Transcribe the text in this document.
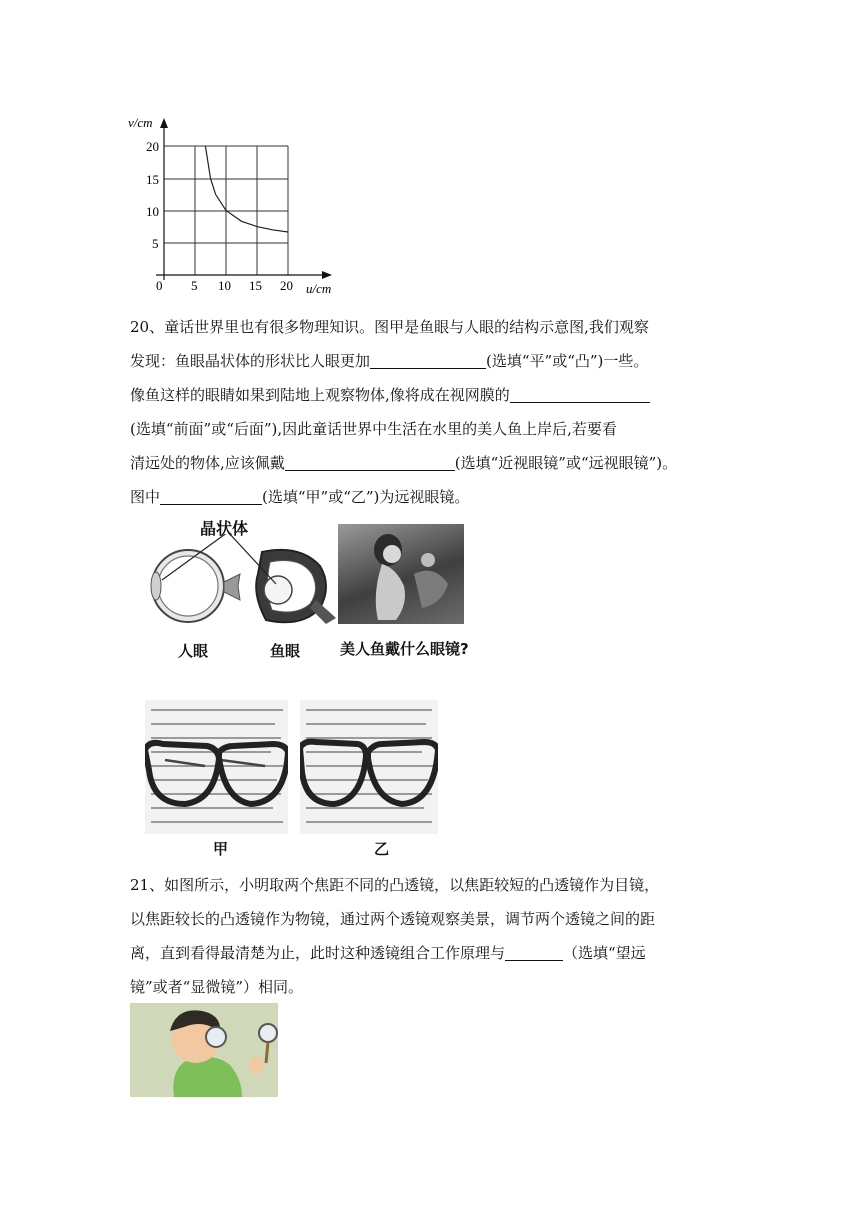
v/cm
u/cm
0
20
15
10
5
5 10 15 20

20、童话世界里也有很多物理知识。图甲是鱼眼与人眼的结构示意图,我们观察

发现：鱼眼晶状体的形状比人眼更加	(选填“平”或“凸”)一些。

像鱼这样的眼睛如果到陆地上观察物体,像将成在视网膜的

(选填“前面”或“后面”),因此童话世界中生活在水里的美人鱼上岸后,若要看

清远处的物体,应该佩戴	(选填“近视眼镜”或“远视眼镜”)。

图中	(选填“甲”或“乙”)为远视眼镜。

晶状体
人眼	鱼眼	美人鱼戴什么眼镜?
甲	乙

21、如图所示，小明取两个焦距不同的凸透镜，以焦距较短的凸透镜作为目镜，

以焦距较长的凸透镜作为物镜，通过两个透镜观察美景，调节两个透镜之间的距

离，直到看得最清楚为止，此时这种透镜组合工作原理与	（选填“望远

镜”或者“显微镜”）相同。
